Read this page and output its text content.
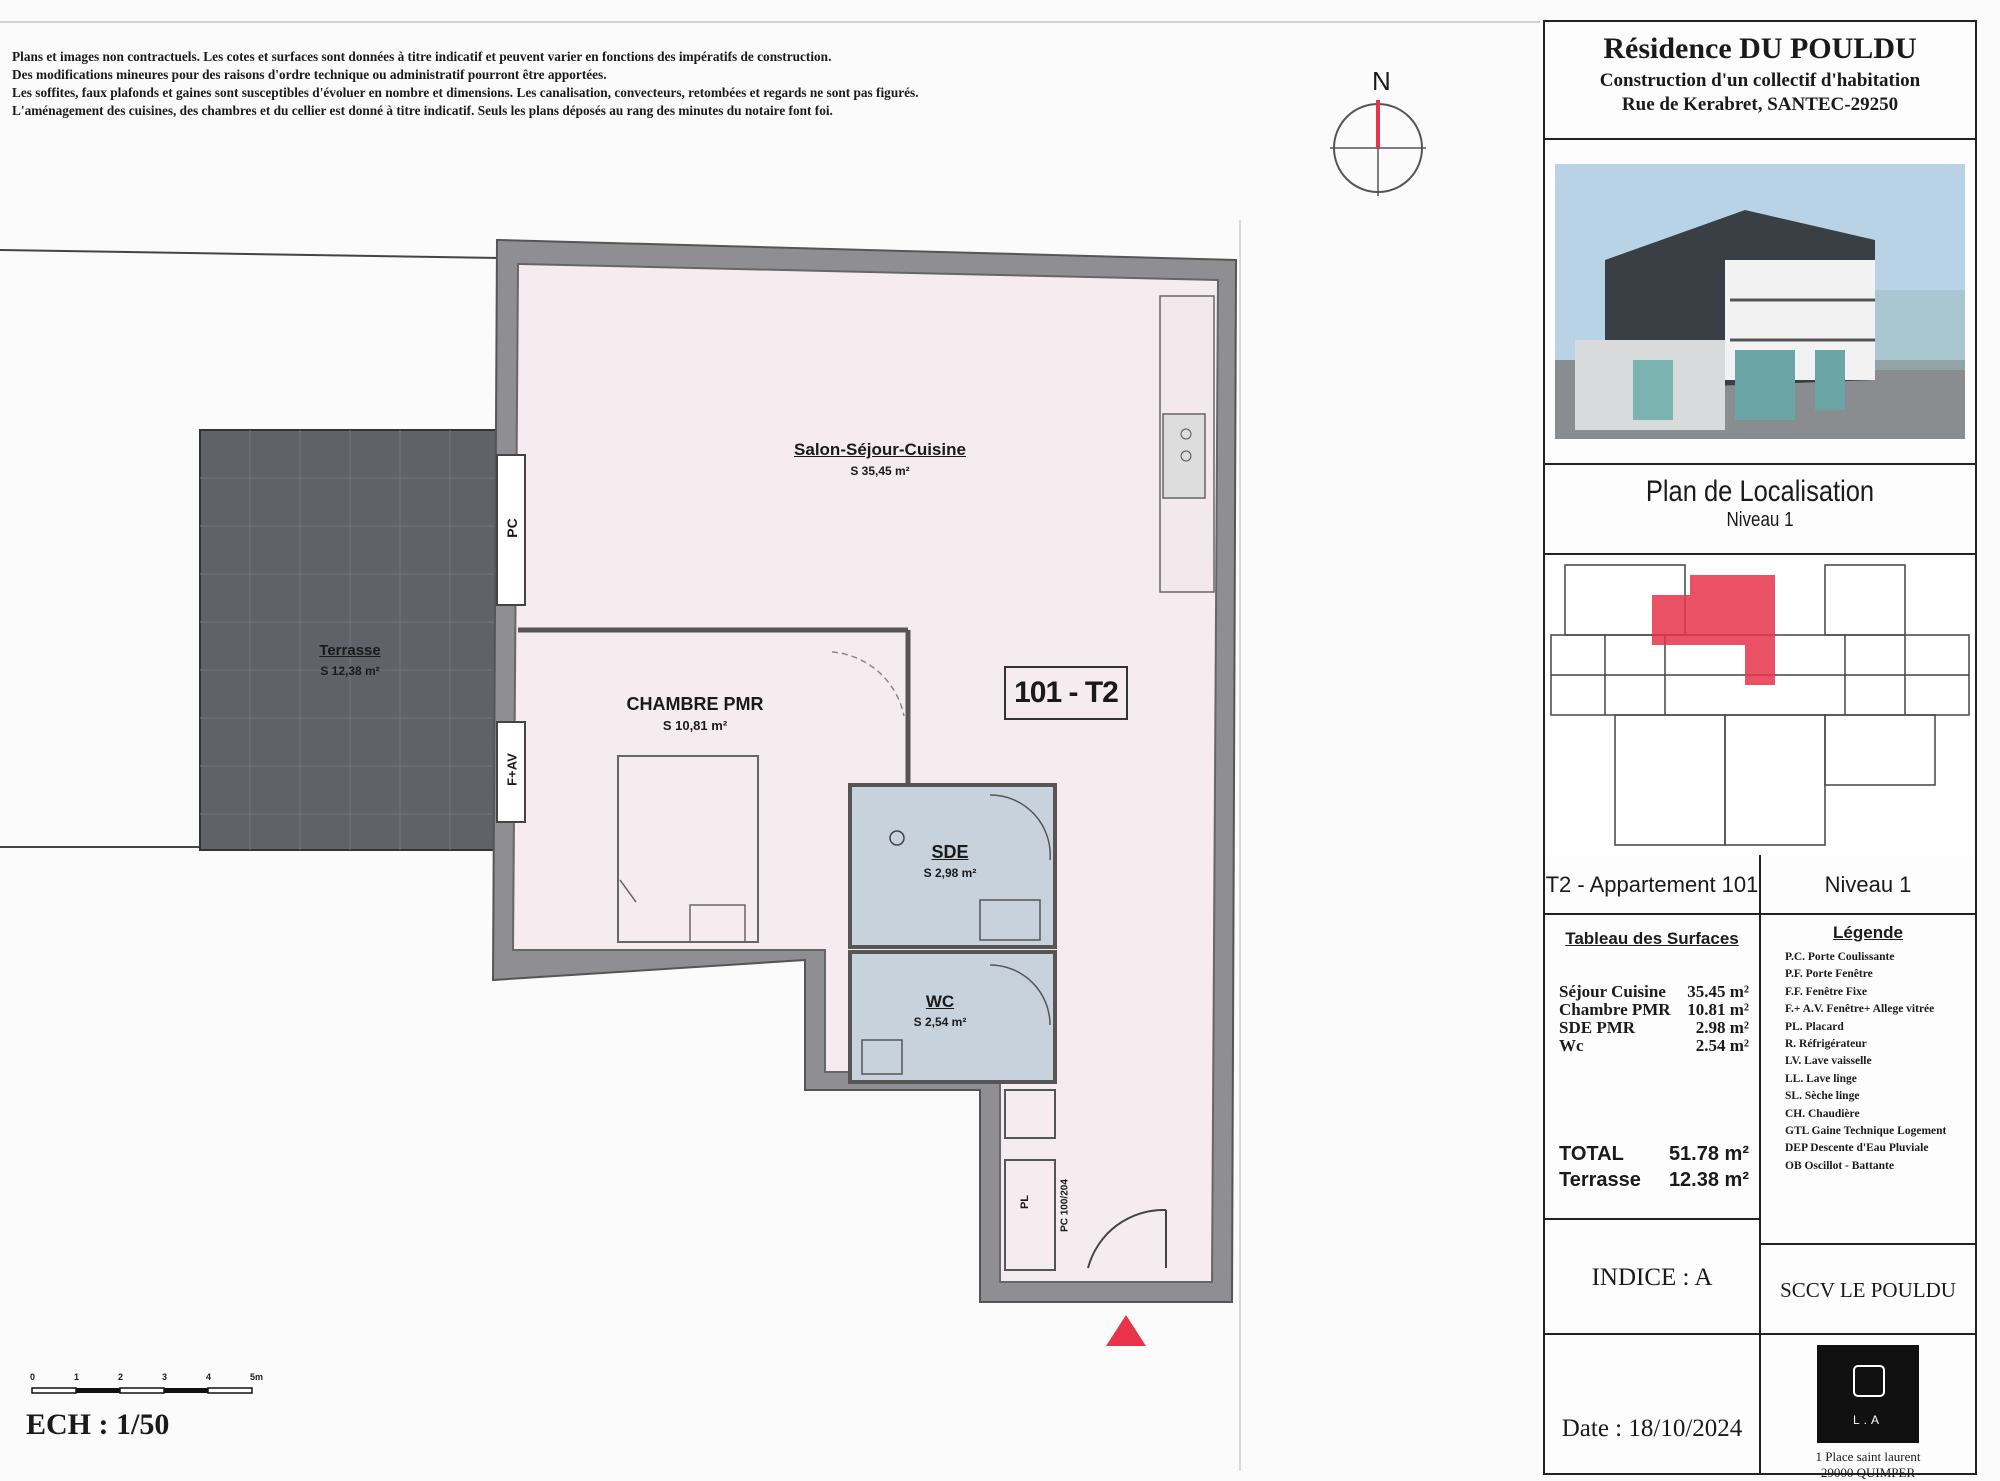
Plans et images non contractuels. Les cotes et surfaces sont données à titre indicatif et peuvent varier en fonctions des impératifs de construction.
Des modifications mineures pour des raisons d'ordre technique ou administratif pourront être apportées.
Les soffites, faux plafonds et gaines sont susceptibles d'évoluer en nombre et dimensions. Les canalisation, convecteurs, retombées et regards ne sont pas figurés.
L'aménagement des cuisines, des chambres et du cellier est donné à titre indicatif. Seuls les plans déposés au rang des minutes du notaire font foi.
N
Salon-Séjour-Cuisine
S 35,45 m²
Terrasse
S 12,38 m²
CHAMBRE PMR
S 10,81 m²
SDE
S 2,98 m²
WC
S 2,54 m²
101 - T2
PC
F+AV
PC 100/204
PL
0	1	2	3	4	5m
ECH : 1/50
Résidence DU POULDU
Construction d'un collectif d'habitation
Rue de Kerabret, SANTEC-29250
Plan de Localisation
Niveau 1
T2 - Appartement 101	Niveau 1
Tableau des Surfaces
Séjour Cuisine 35.45 m²
Chambre PMR 10.81 m²
SDE PMR	2.98 m²
Wc	2.54 m²
TOTAL 51.78 m²
Terrasse 12.38 m²
Légende
P.C. Porte Coulissante
P.F. Porte Fenêtre
F.F. Fenêtre Fixe
F.+ A.V. Fenêtre+ Allege vitrée
PL. Placard
R. Réfrigérateur
LV. Lave vaisselle
LL. Lave linge
SL. Sèche linge
CH. Chaudière
GTL Gaine Technique Logement
DEP Descente d'Eau Pluviale
OB Oscillot - Battante
SCCV LE POULDU
INDICE : A
Date : 18/10/2024	L.A
1 Place saint laurent
29000 QUIMPER
